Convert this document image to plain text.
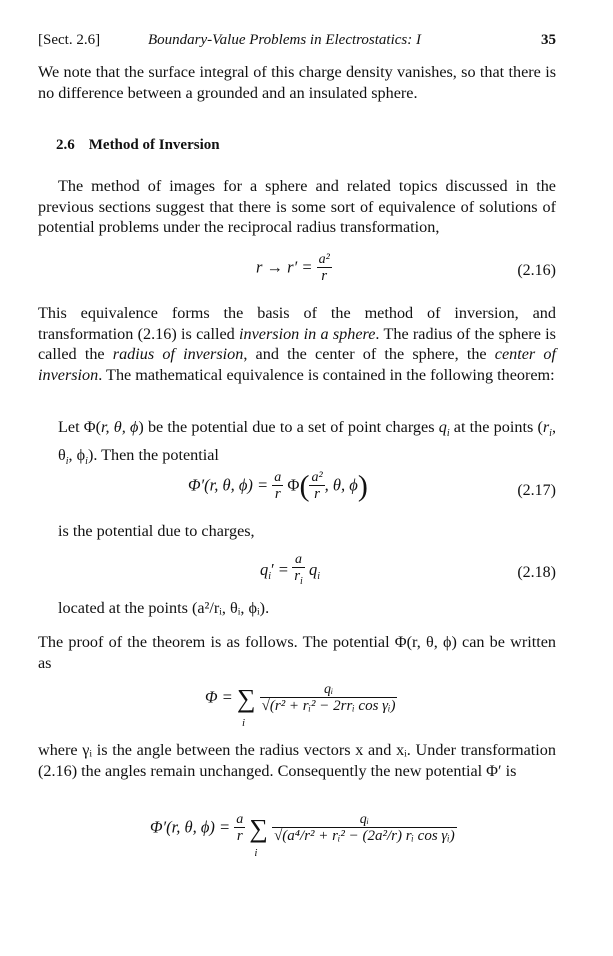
[Sect. 2.6]	Boundary-Value Problems in Electrostatics: I	35

We note that the surface integral of this charge density vanishes, so that there is no difference between a grounded and an insulated sphere.

2.6 Method of Inversion

The method of images for a sphere and related topics discussed in the previous sections suggest that there is some sort of equivalence of solutions of potential problems under the reciprocal radius transformation,

$r \to r' = \frac{\text{a²}}{r}$	(2.16)

This equivalence forms the basis of the method of inversion, and transformation (2.16) is called inversion in a sphere. The radius of the sphere is called the radius of inversion, and the center of the sphere, the center of inversion. The mathematical equivalence is contained in the following theorem:

Let Φ(r, θ, ϕ) be the potential due to a set of point charges $q_i$ at the points ($r_i$, $\theta_i$, $\phi_i$). Then the potential

Φ′(r, θ, $\phi) = \frac{a}{r} \Phi( \frac{\text{a²}}{r}$ , θ, ϕ)	(2.17)

is the potential due to charges,

$q_i' = \frac{a}{r_i} q_i$	(2.18)

located at the points (a²/rᵢ, θᵢ, ϕᵢ).

The proof of the theorem is as follows. The potential Φ(r, θ, ϕ) can be written as

Φ = ∑
i

$\frac{\text{qᵢ}}{\text{√(r² + rᵢ² − 2rrᵢ cos γᵢ)}}$

where γᵢ is the angle between the radius vectors x and xᵢ. Under transformation (2.16) the angles remain unchanged. Consequently the new potential Φ′ is

Φ′(r, θ, $\phi) = \frac{a}{r}$ ∑
i

$\frac{\text{qᵢ}}{\text{√(a⁴/r² + rᵢ² − (2a²/r) rᵢ cos γᵢ)}}$
